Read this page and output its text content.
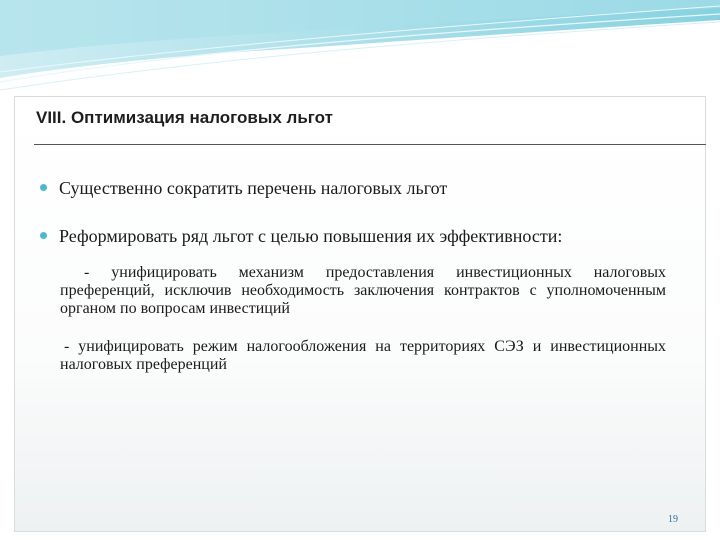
VIII. Оптимизация налоговых льгот
Существенно сократить перечень налоговых льгот
Реформировать ряд льгот с целью повышения их эффективности:
- унифицировать механизм предоставления инвестиционных налоговых преференций, исключив необходимость заключения контрактов с уполномоченным органом по вопросам инвестиций
- унифицировать режим налогообложения на территориях СЭЗ и инвестиционных налоговых преференций
19
